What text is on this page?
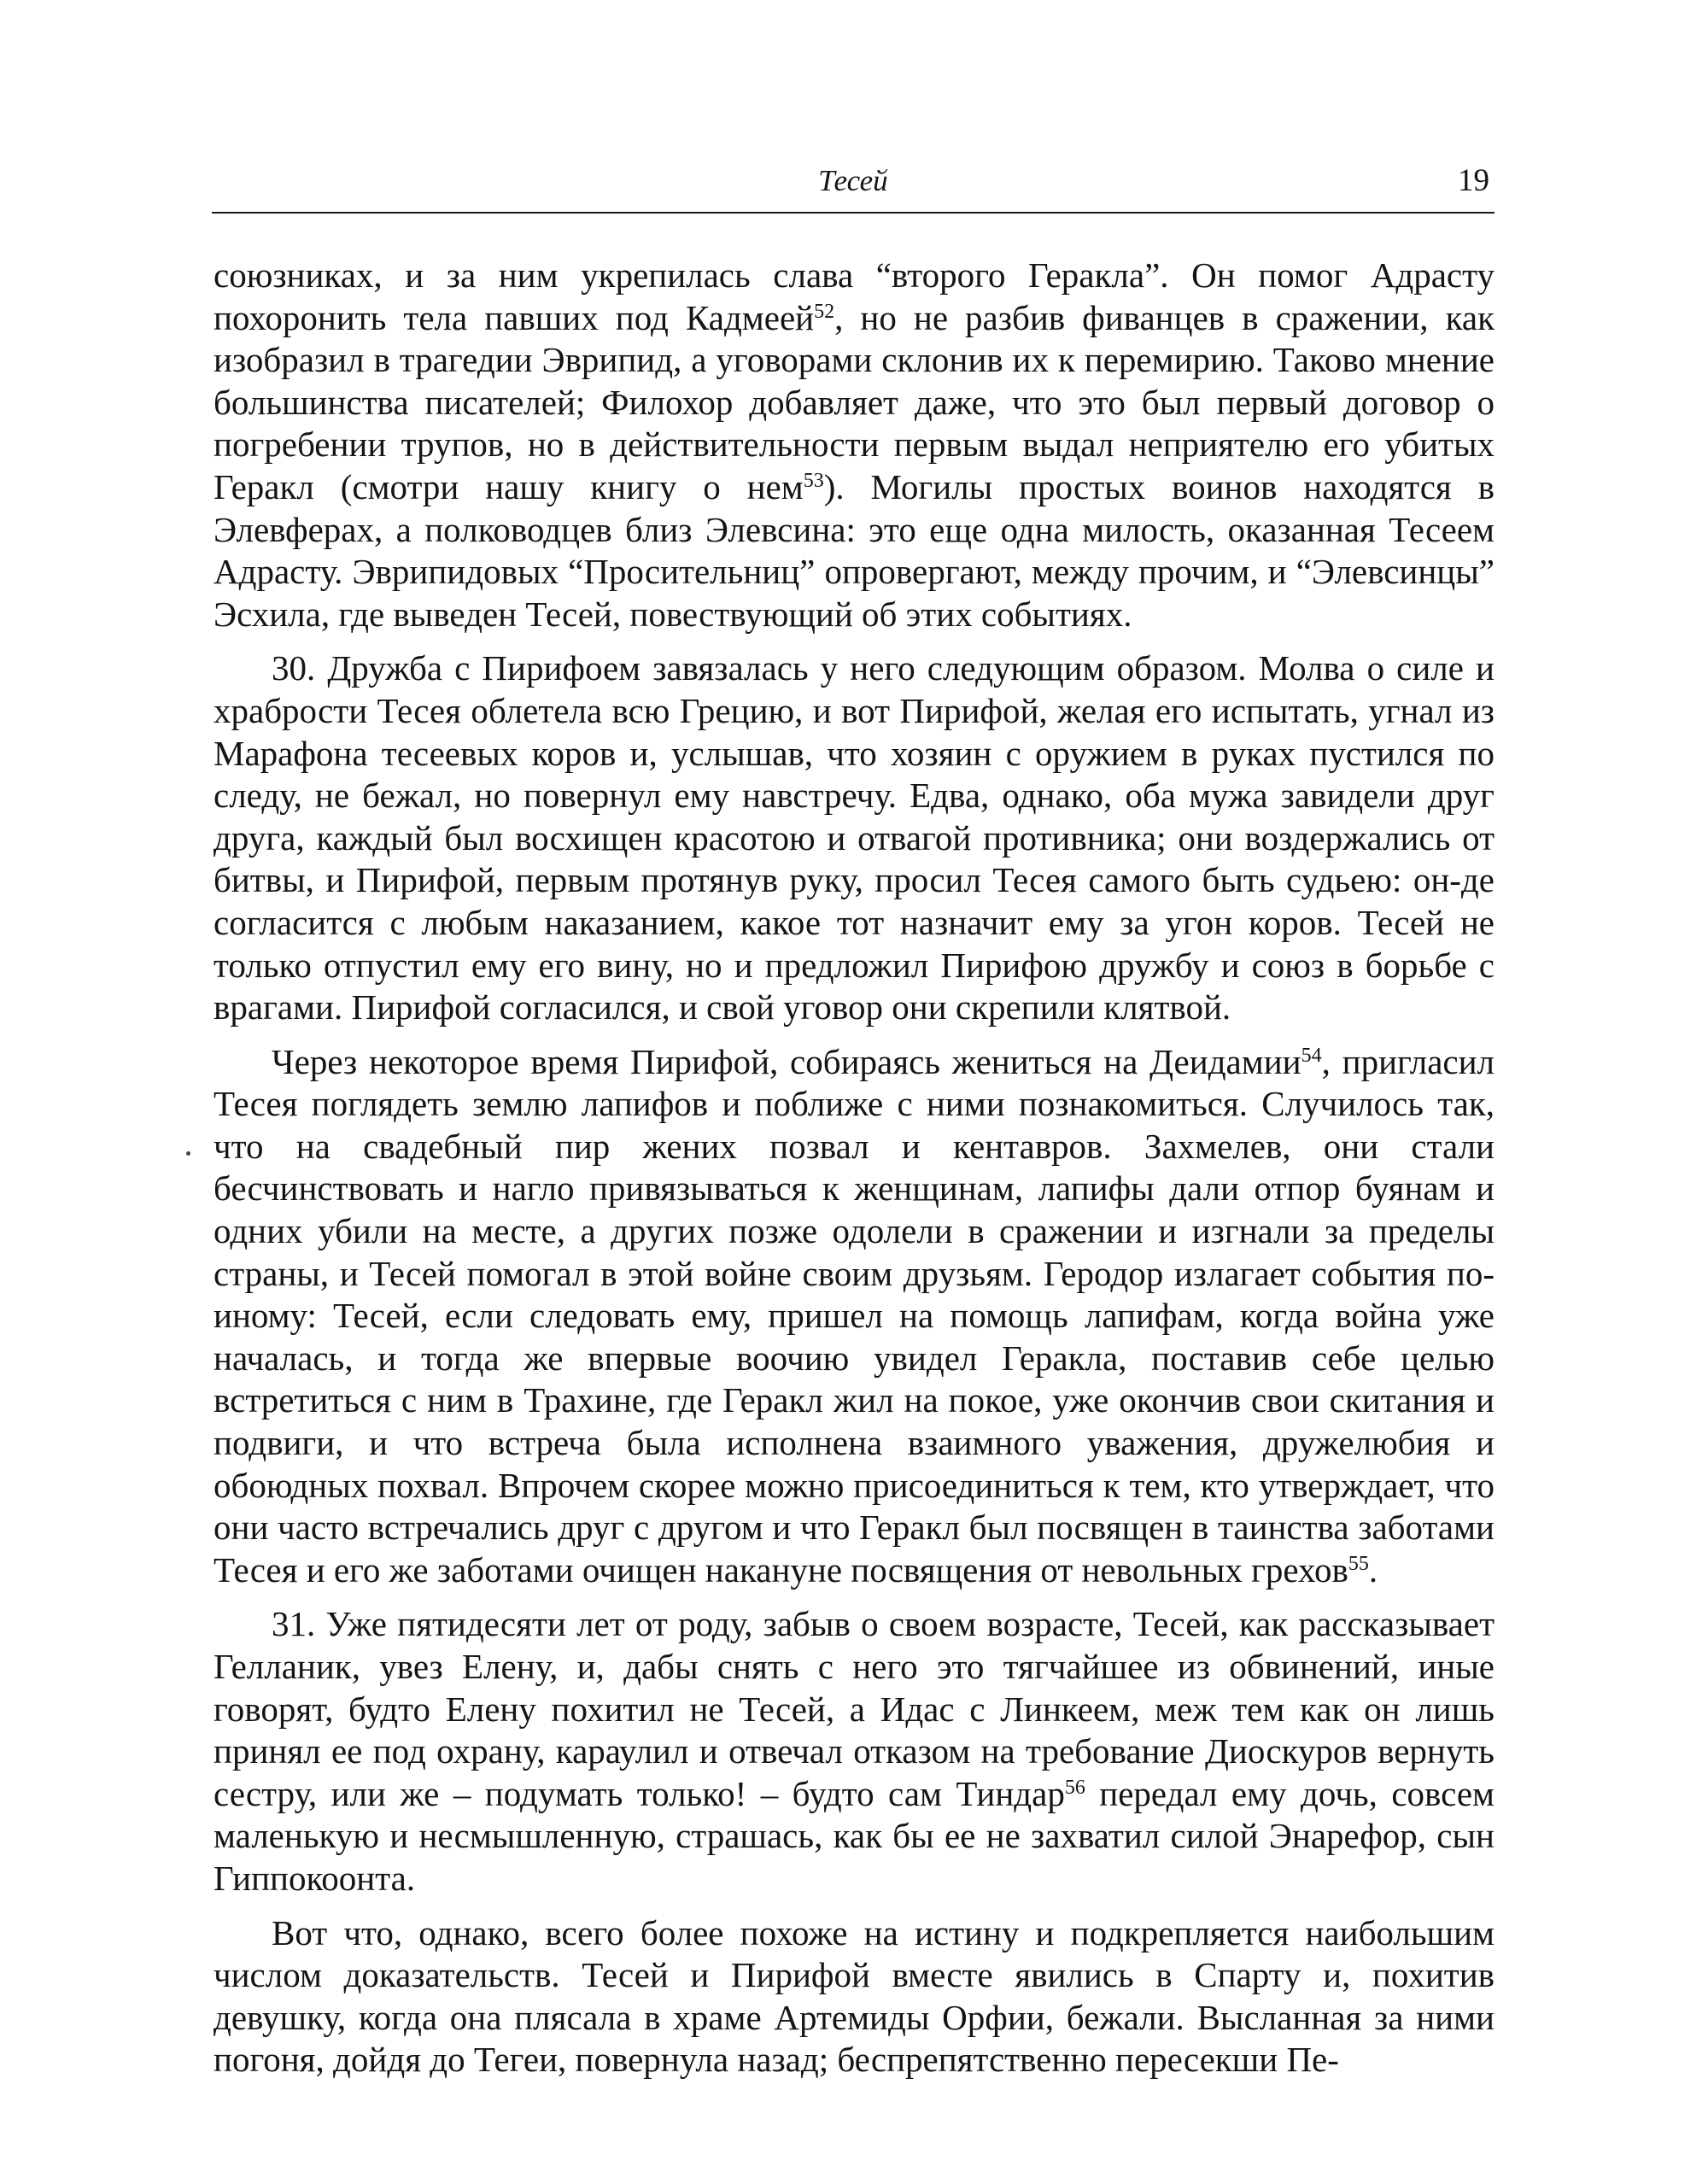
Тесей	19

союзниках, и за ним укрепилась слава “второго Геракла”. Он помог Адрасту похоронить тела павших под Кадмеей$^{52}$, но не разбив фиванцев в сражении, как изобразил в трагедии Эврипид, а уговорами склонив их к перемирию. Таково мнение большинства писателей; Филохор добавляет даже, что это был первый договор о погребении трупов, но в действительности первым выдал неприятелю его убитых Геракл (смотри нашу книгу о нем$^{53}$). Могилы простых воинов находятся в Элевферах, а полководцев близ Элевсина: это еще одна милость, оказанная Тесеем Адрасту. Эврипидовых “Просительниц” опровергают, между прочим, и “Элевсинцы” Эсхила, где выведен Тесей, повествующий об этих событиях.

30. Дружба с Пирифоем завязалась у него следующим образом. Молва о силе и храбрости Тесея облетела всю Грецию, и вот Пирифой, желая его испытать, угнал из Марафона тесеевых коров и, услышав, что хозяин с оружием в руках пустился по следу, не бежал, но повернул ему навстречу. Едва, однако, оба мужа завидели друг друга, каждый был восхищен красотою и отвагой противника; они воздержались от битвы, и Пирифой, первым протянув руку, просил Тесея самого быть судьею: он-де согласится с любым наказанием, какое тот назначит ему за угон коров. Тесей не только отпустил ему его вину, но и предложил Пирифою дружбу и союз в борьбе с врагами. Пирифой согласился, и свой уговор они скрепили клятвой.

Через некоторое время Пирифой, собираясь жениться на Деидамии$^{54}$, пригласил Тесея поглядеть землю лапифов и поближе с ними познакомиться. Случилось так, что на свадебный пир жених позвал и кентавров. Захмелев, они стали бесчинствовать и нагло привязываться к женщинам, лапифы дали отпор буянам и одних убили на месте, а других позже одолели в сражении и изгнали за пределы страны, и Тесей помогал в этой войне своим друзьям. Геродор излагает события по-иному: Тесей, если следовать ему, пришел на помощь лапифам, когда война уже началась, и тогда же впервые воочию увидел Геракла, поставив себе целью встретиться с ним в Трахине, где Геракл жил на покое, уже окончив свои скитания и подвиги, и что встреча была исполнена взаимного уважения, дружелюбия и обоюдных похвал. Впрочем скорее можно присоединиться к тем, кто утверждает, что они часто встречались друг с другом и что Геракл был посвящен в таинства заботами Тесея и его же заботами очищен накануне посвящения от невольных грехов$^{55}$.

31. Уже пятидесяти лет от роду, забыв о своем возрасте, Тесей, как рассказывает Гелланик, увез Елену, и, дабы снять с него это тягчайшее из обвинений, иные говорят, будто Елену похитил не Тесей, а Идас с Линкеем, меж тем как он лишь принял ее под охрану, караулил и отвечал отказом на требование Диоскуров вернуть сестру, или же – подумать только! – будто сам Тиндар$^{56}$ передал ему дочь, совсем маленькую и несмышленную, страшась, как бы ее не захватил силой Энарефор, сын Гиппокоонта.

Вот что, однако, всего более похоже на истину и подкрепляется наибольшим числом доказательств. Тесей и Пирифой вместе явились в Спарту и, похитив девушку, когда она плясала в храме Артемиды Орфии, бежали. Высланная за ними погоня, дойдя до Тегеи, повернула назад; беспрепятственно пересекши Пе-
